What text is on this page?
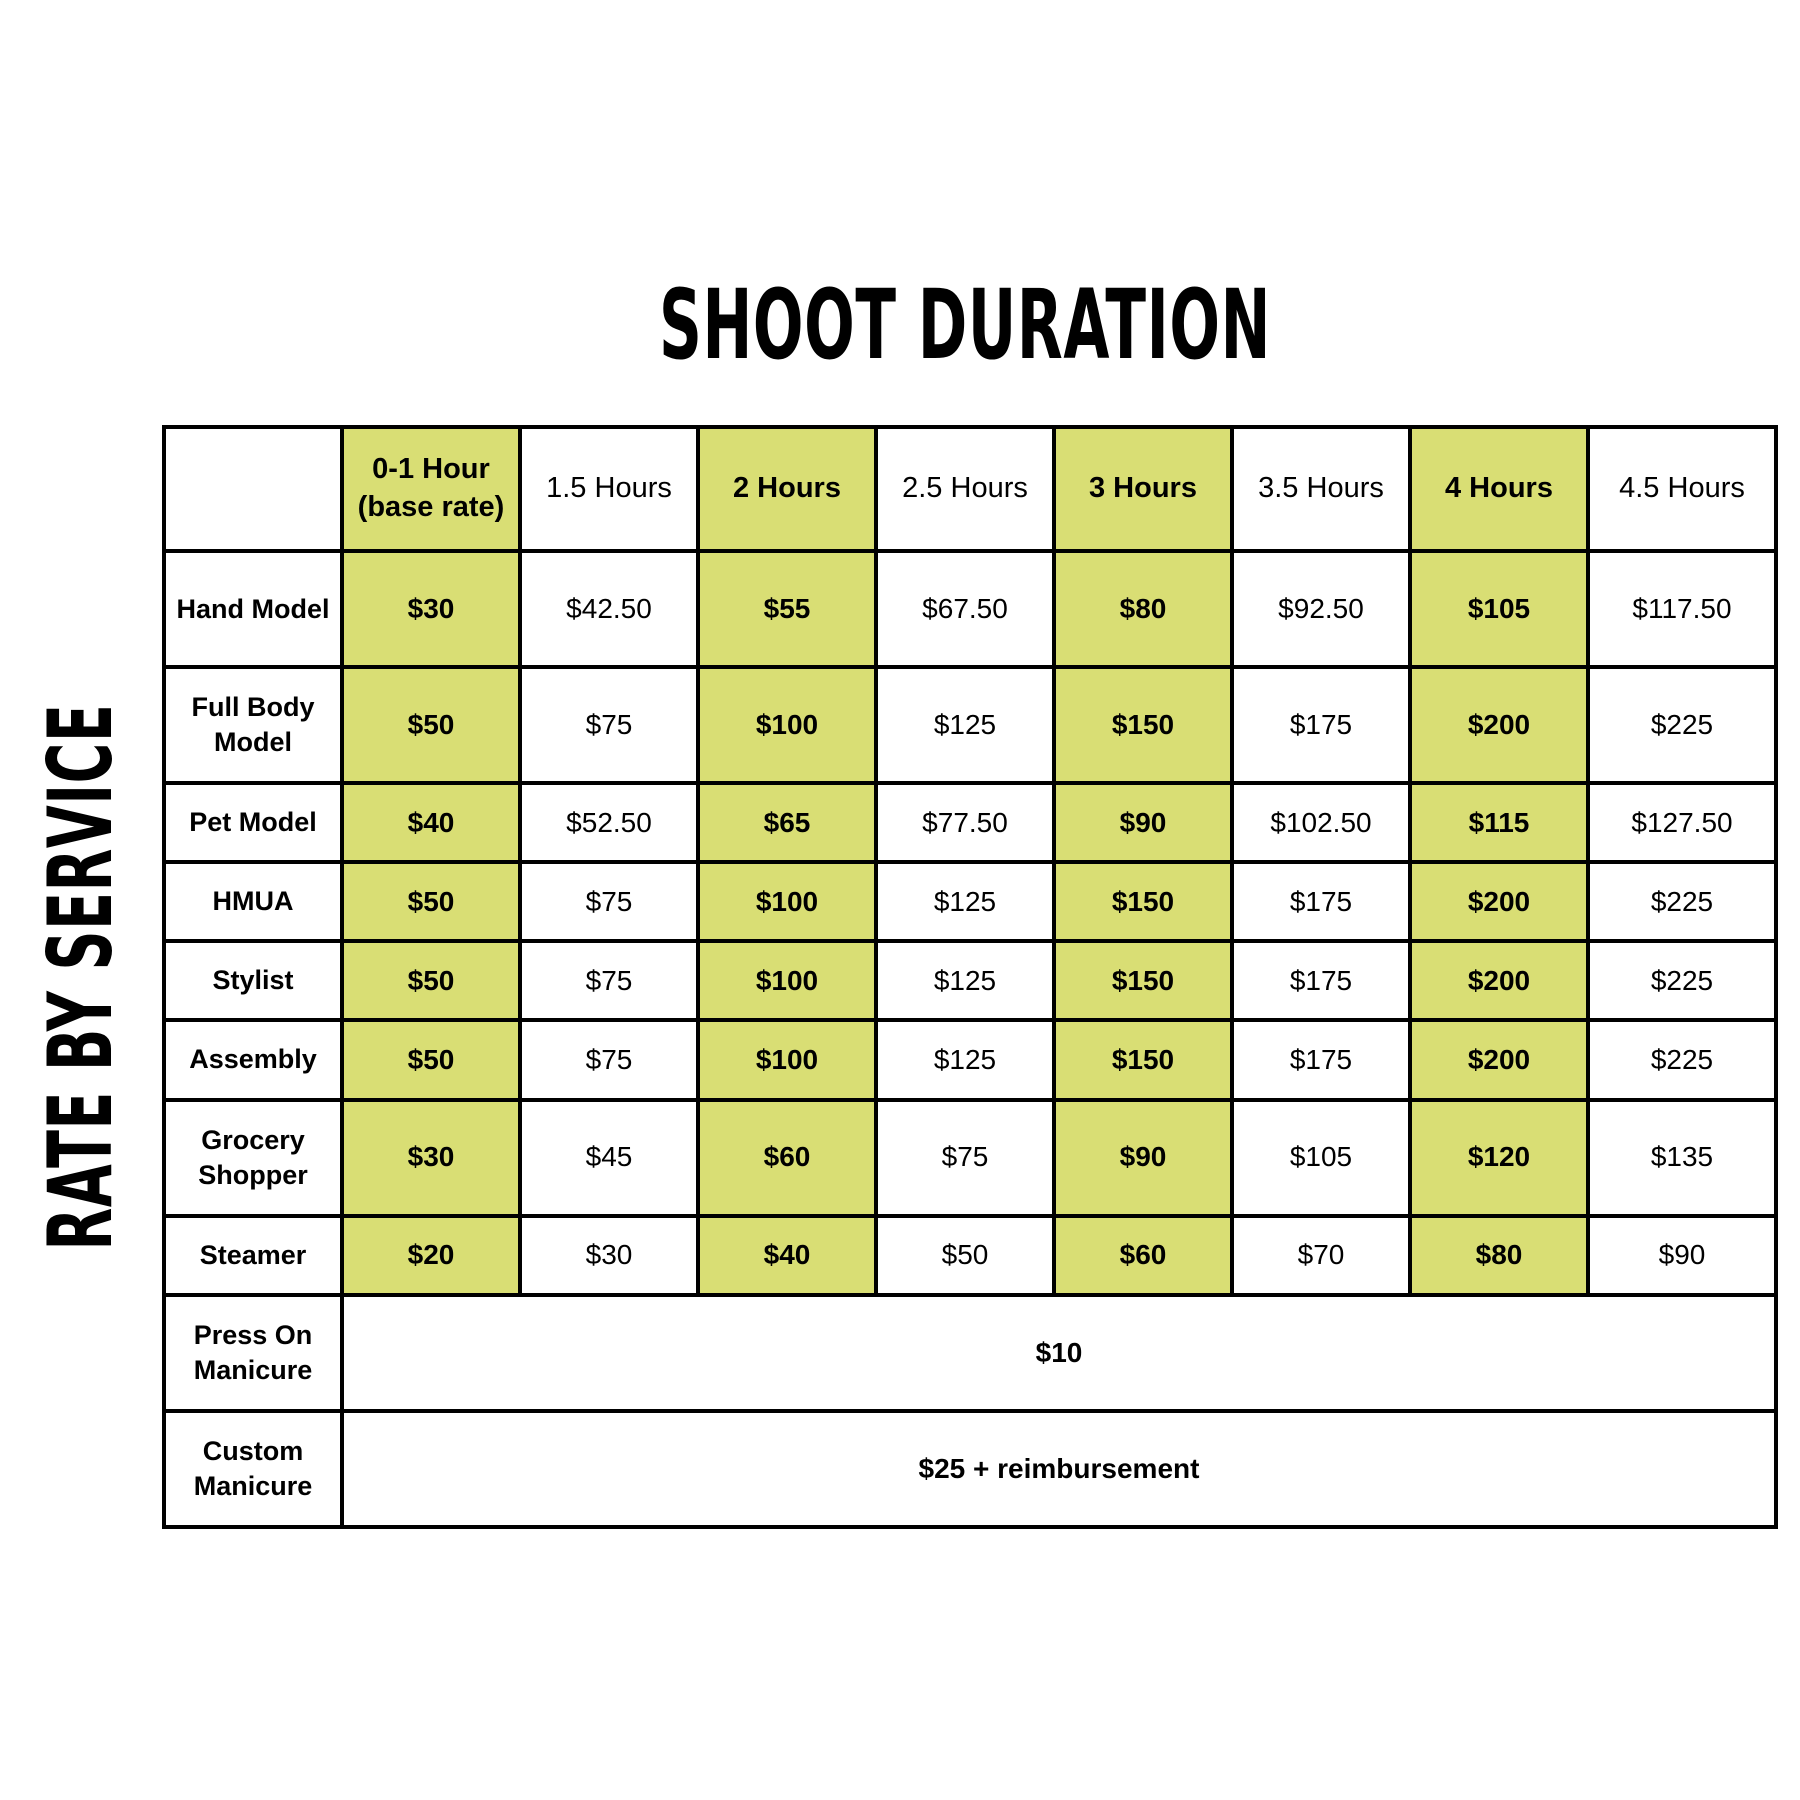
SHOOT DURATION
RATE BY SERVICE
	0-1 Hour (base rate)	1.5 Hours	2 Hours	2.5 Hours	3 Hours	3.5 Hours	4 Hours	4.5 Hours
Hand Model	$30	$42.50	$55	$67.50	$80	$92.50	$105	$117.50
Full Body Model	$50	$75	$100	$125	$150	$175	$200	$225
Pet Model	$40	$52.50	$65	$77.50	$90	$102.50	$115	$127.50
HMUA	$50	$75	$100	$125	$150	$175	$200	$225
Stylist	$50	$75	$100	$125	$150	$175	$200	$225
Assembly	$50	$75	$100	$125	$150	$175	$200	$225
Grocery Shopper	$30	$45	$60	$75	$90	$105	$120	$135
Steamer	$20	$30	$40	$50	$60	$70	$80	$90
Press On Manicure	$10							
Custom Manicure	$25 + reimbursement							
